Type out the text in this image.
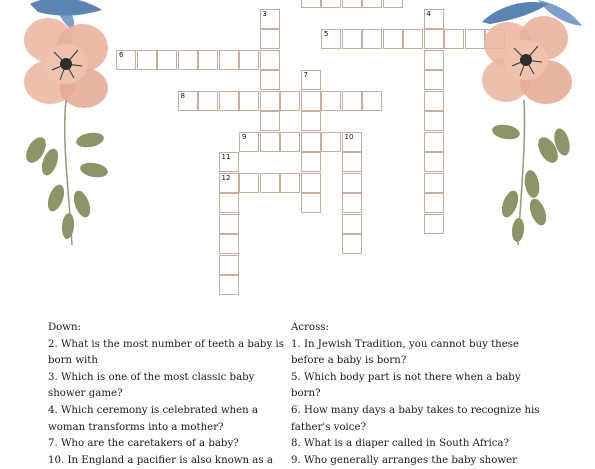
3	4
5
6
7
8
9	10
11
12
Down:
2. What is the most number of teeth a baby is
born with
3. Which is one of the most classic baby
shower game?
4. Which ceremony is celebrated when a
woman transforms into a mother?
7. Who are the caretakers of a baby?
10. In England a pacifier is also known as a
Across:
1. In Jewish Tradition, you cannot buy these
before a baby is born?
5. Which body part is not there when a baby
born?
6. How many days a baby takes to recognize his
father's voice?
8. What is a diaper called in South Africa?
9. Who generally arranges the baby shower
